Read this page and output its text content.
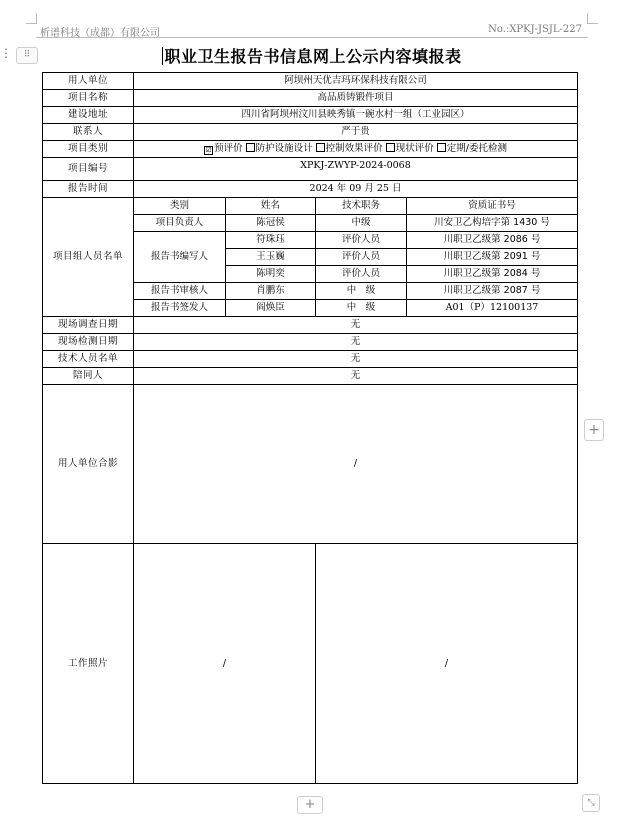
析谱科技（成都）有限公司	No.:XPKJ-JSJL-227
⋮	⠿	职业卫生报告书信息网上公示内容填报表
用人单位	阿坝州天优吉玛环保科技有限公司			
项目名称	高品质铸锻件项目			
建设地址	四川省阿坝州汶川县映秀镇一碗水村一组（工业园区）			
联系人	严于贵			
项目类别	☑ 预评价 防护设施设计 控制效果评价 现状评价 定期/委托检测			
项目编号	XPKJ-ZWYP-2024-0068			
报告时间	2024 年 09 月 25 日			
项目组人员名单	类别	姓名	技术职务	资质证书号
	项目负责人	陈冠侯	中级	川安卫乙构培字第 1430 号
	报告书编写人	符珠珏	评价人员	川职卫乙级第 2086 号
		王玉巍	评价人员	川职卫乙级第 2091 号
		陈明奕	评价人员	川职卫乙级第 2084 号
	报告书审核人	肖鹏东	中　级	川职卫乙级第 2087 号
	报告书签发人	阎焕臣	中　级	A01（P）12100137
现场调查日期	无			
现场检测日期	无			
技术人员名单	无			
陪同人	无			
用人单位合影	/			
工作照片	/		/	
+
+	⤡
